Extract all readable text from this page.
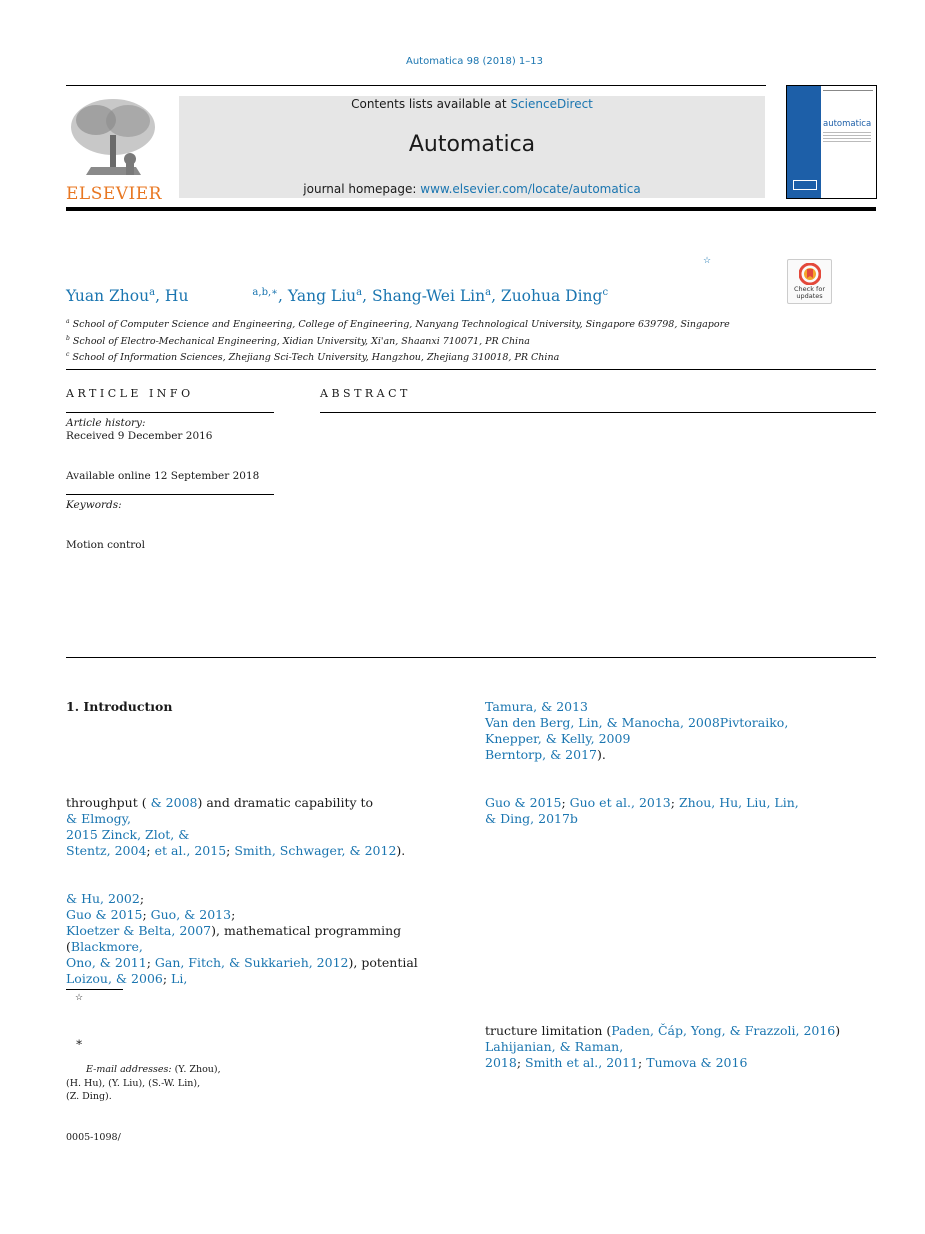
Automatica 98 (2018) 1–13
ELSEVIER
Contents lists available at ScienceDirect
Automatica
journal homepage: www.elsevier.com/locate/automatica
automatica
☆
Check for updates
Yuan Zhou$^a$, Hu	$^{a,b,∗}$, Yang Liu$^a$, Shang-Wei Lin$^a$, Zuohua Ding$^c$
$^a$ School of Computer Science and Engineering, College of Engineering, Nanyang Technological University, Singapore 639798, Singapore
$^b$ School of Electro-Mechanical Engineering, Xidian University, Xi'an, Shaanxi 710071, PR China
$^c$ School of Information Sciences, Zhejiang Sci-Tech University, Hangzhou, Zhejiang 310018, PR China
ARTICLE INFO
Article history:
Received 9 December 2016
Available online 12 September 2018
Keywords:
Motion control
ABSTRACT
1. Introductıon
throughput ( & 2008) and dramatic capability to
& Elmogy,
2015 Zinck, Zlot, &
Stentz, 2004; et al., 2015; Smith, Schwager, & 2012).
& Hu, 2002;
Guo & 2015; Guo, & 2013;
Kloetzer & Belta, 2007), mathematical programming (Blackmore,
Ono, & 2011; Gan, Fitch, & Sukkarieh, 2012), potential
Loizou, & 2006; Li,
Tamura, & 2013
Van den Berg, Lin, & Manocha, 2008Pivtoraiko,
Knepper, & Kelly, 2009
Berntorp, & 2017).
Guo & 2015; Guo et al., 2013; Zhou, Hu, Liu, Lin,
& Ding, 2017b
tructure limitation (Paden, Čáp, Yong, & Frazzoli, 2016)
Lahijanian, & Raman,
2018; Smith et al., 2011; Tumova & 2016
☆
∗
E-mail addresses: (Y. Zhou),
(H. Hu), (Y. Liu), (S.-W. Lin),
(Z. Ding).
0005-1098/
